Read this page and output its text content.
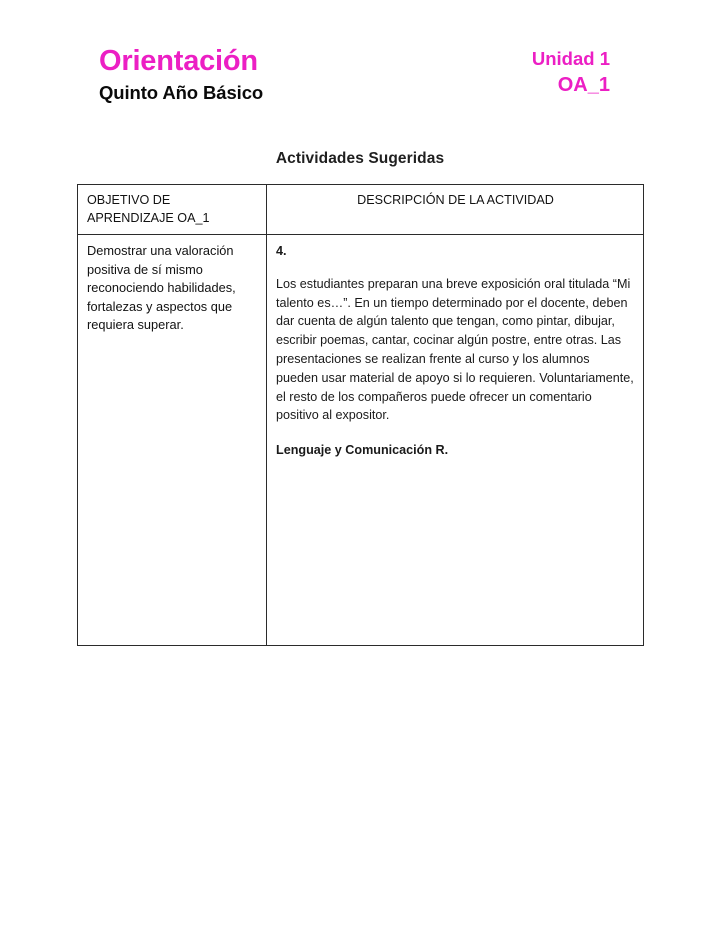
Orientación
Quinto Año Básico
Unidad 1
OA_1
Actividades Sugeridas
OBJETIVO DE APRENDIZAJE OA_1	DESCRIPCIÓN DE LA ACTIVIDAD
Demostrar una valoración positiva de sí mismo reconociendo habilidades, fortalezas y aspectos que requiera superar.	4.

Los estudiantes preparan una breve exposición oral titulada “Mi talento es…”. En un tiempo determinado por el docente, deben dar cuenta de algún talento que tengan, como pintar, dibujar, escribir poemas, cantar, cocinar algún postre, entre otras. Las presentaciones se realizan frente al curso y los alumnos pueden usar material de apoyo si lo requieren. Voluntariamente, el resto de los compañeros puede ofrecer un comentario positivo al expositor.

Lenguaje y Comunicación R.
